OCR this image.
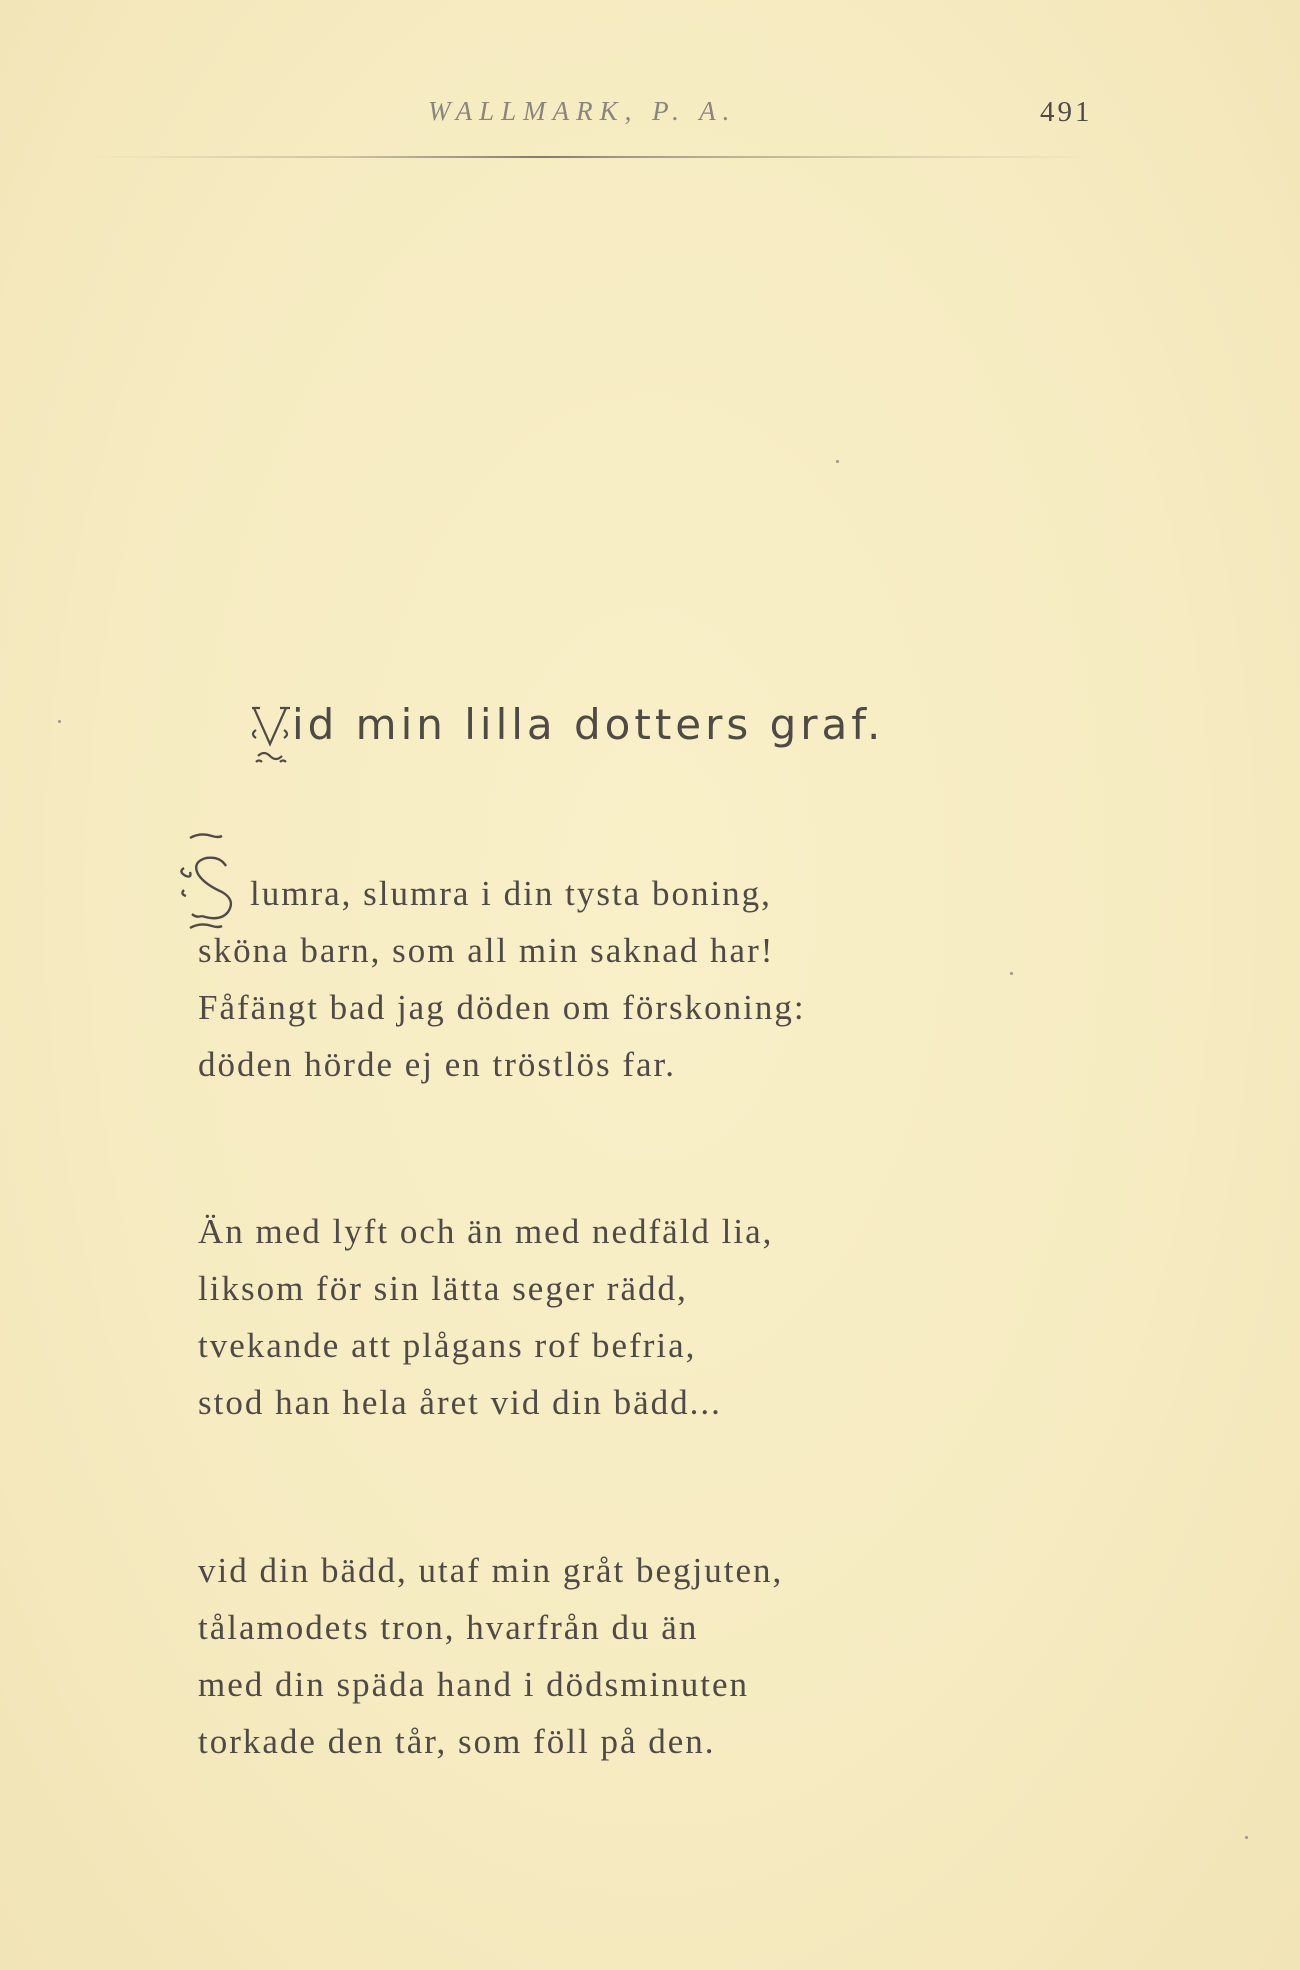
WALLMARK, P. A.	491
id min lilla dotters graf.
lumra, slumra i din tysta boning,
sköna barn, som all min saknad har!
Fåfängt bad jag döden om förskoning:
döden hörde ej en tröstlös far.
Än med lyft och än med nedfäld lia,
liksom för sin lätta seger rädd,
tvekande att plågans rof befria,
stod han hela året vid din bädd...
vid din bädd, utaf min gråt begjuten,
tålamodets tron, hvarfrån du än
med din späda hand i dödsminuten
torkade den tår, som föll på den.
